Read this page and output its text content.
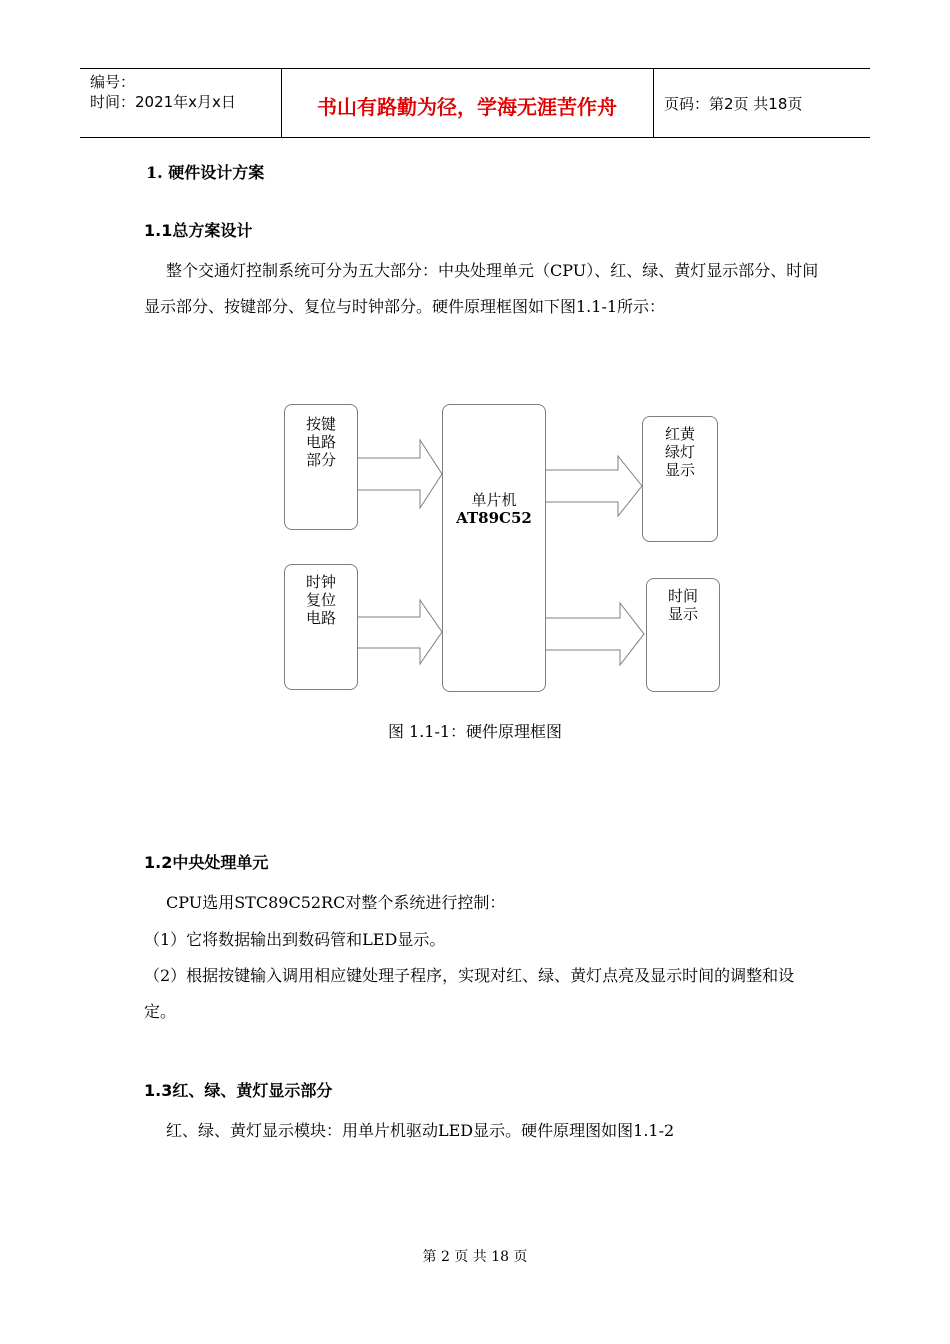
编号：
时间：2021年x月x日	书山有路勤为径，学海无涯苦作舟	页码：第2页 共18页
1. 硬件设计方案
1.1总方案设计
整个交通灯控制系统可分为五大部分：中央处理单元（CPU）、红、绿、黄灯显示部分、时间显示部分、按键部分、复位与时钟部分。硬件原理框图如下图1.1-1所示：
按键
电路
部分
时钟
复位
电路
单片机
AT89C52
红黄
绿灯
显示
时间
显示
图 1.1-1：硬件原理框图
1.2中央处理单元
CPU选用STC89C52RC对整个系统进行控制：
（1）它将数据输出到数码管和LED显示。
（2）根据按键输入调用相应键处理子程序，实现对红、绿、黄灯点亮及显示时间的调整和设定。
1.3红、绿、黄灯显示部分
红、绿、黄灯显示模块：用单片机驱动LED显示。硬件原理图如图1.1-2
第 2 页 共 18 页
